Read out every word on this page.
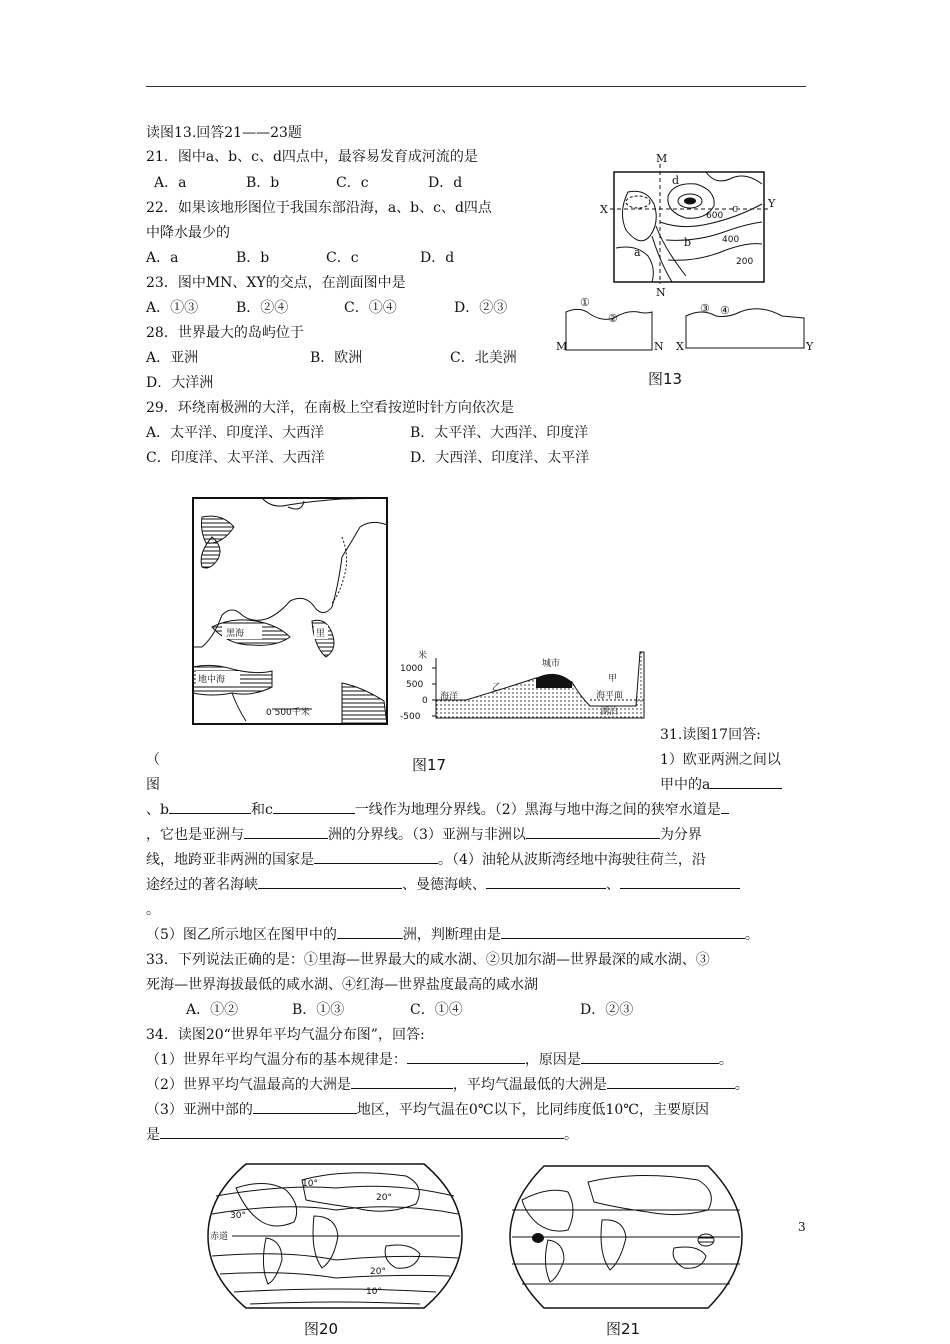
读图13.回答21——23题
21．图中a、b、c、d四点中，最容易发育成河流的是
A．a	B．b	C．c	D．d
22．如果该地形图位于我国东部沿海，a、b、c、d四点
中降水最少的
A．a	B．b	C．c	D．d
23．图中MN、XY的交点，在剖面图中是
A．①③	B．②④	C．①④	D．②③
28．世界最大的岛屿位于
A．亚洲	B．欧洲	C．北美洲
D．大洋洲
29．环绕南极洲的大洋，在南极上空看按逆时针方向依次是
A．太平洋、印度洋、大西洋	B．太平洋、大西洋、印度洋
C．印度洋、太平洋、大西洋	D．大西洋、印度洋、太平洋
M
N
X	Y
a
b
c
d
600
400
200
M	N
①
②
X	Y
③ ④
图13
黑海	里
地中海
0 500千米
米
1000
500
0
-500
海洋
乙
城市
甲
海平面
湖泊
图17
31.读图17回答:
1）欧亚两洲之间以
甲中的a
（
图
、b	和c	一线作为地理分界线。（2）黑海与地中海之间的狭窄水道是
，它也是亚洲与	洲的分界线。（3）亚洲与非洲以	为分界
线，地跨亚非两洲的国家是	。（4）油轮从波斯湾经地中海驶往荷兰，沿
途经过的著名海峡	、曼德海峡、	、
。
（5）图乙所示地区在图甲中的	洲，判断理由是	。
33．下列说法正确的是：①里海—世界最大的咸水湖、②贝加尔湖—世界最深的咸水湖、③
死海—世界海拔最低的咸水湖、④红海—世界盐度最高的咸水湖
A．①②	B．①③	C．①④	D．②③
34．读图20“世界年平均气温分布图”，回答:
（1）世界年平均气温分布的基本规律是：	，原因是	。
（2）世界平均气温最高的大洲是	，平均气温最低的大洲是	。
（3）亚洲中部的	地区，平均气温在0℃以下，比同纬度低10℃，主要原因
是	。
赤道
10°
20°
30°
20°
10°
图20	图21
3
